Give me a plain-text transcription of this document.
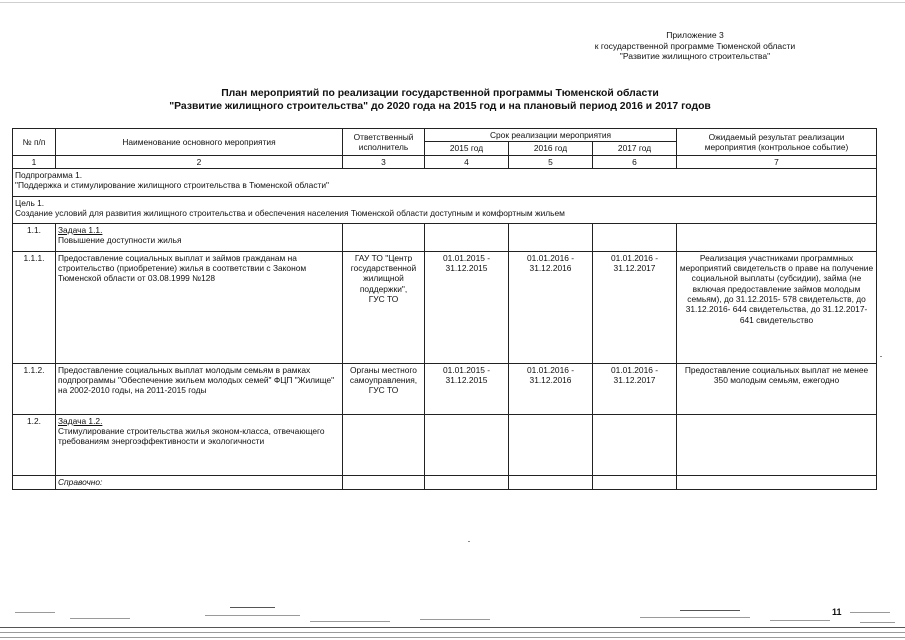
Приложение 3
к государственной программе Тюменской области
"Развитие жилищного строительства"
План мероприятий по реализации государственной программы Тюменской области
"Развитие жилищного строительства" до 2020 года на 2015 год и на плановый период 2016 и 2017 годов
№ п/п	Наименование основного мероприятия	Ответственный
исполнитель	Срок реализации мероприятия			Ожидаемый результат реализации
мероприятия (контрольное событие)

			2015 год	2016 год	2017 год	
1	2	3	4	5	6	7

Подпрограмма 1.
"Поддержка и стимулирование жилищного строительства в Тюменской области"						

Цель 1.
Создание условий для развития жилищного строительства и обеспечения населения Тюменской области доступным и комфортным жильем						

1.1.	Задача 1.1.
Повышение доступности жилья					

1.1.1.	Предоставление социальных выплат и займов гражданам на строительство (приобретение) жилья в соответствии с Законом Тюменской области от 03.08.1999 №128	ГАУ ТО "Центр государственной жилищной поддержки",
ГУС ТО	01.01.2015 - 31.12.2015	01.01.2016 - 31.12.2016	01.01.2016 - 31.12.2017	Реализация участниками программных мероприятий свидетельств о праве на получение социальной выплаты (субсидии), займа (не включая предоставление займов молодым семьям), до 31.12.2015- 578 свидетельств, до 31.12.2016- 644 свидетельства, до 31.12.2017- 641 свидетельство
1.1.2.	Предоставление социальных выплат молодым семьям в рамках подпрограммы "Обеспечение жильем молодых семей" ФЦП "Жилище" на 2002-2010 годы, на 2011-2015 годы	Органы местного самоуправления, ГУС ТО	01.01.2015 - 31.12.2015	01.01.2016 - 31.12.2016	01.01.2016 - 31.12.2017	Предоставление социальных выплат не менее 350 молодым семьям, ежегодно
1.2.	Задача 1.2.
Стимулирование строительства жилья эконом-класса, отвечающего требованиям энергоэффективности и экологичности					

	Справочно:					
11
